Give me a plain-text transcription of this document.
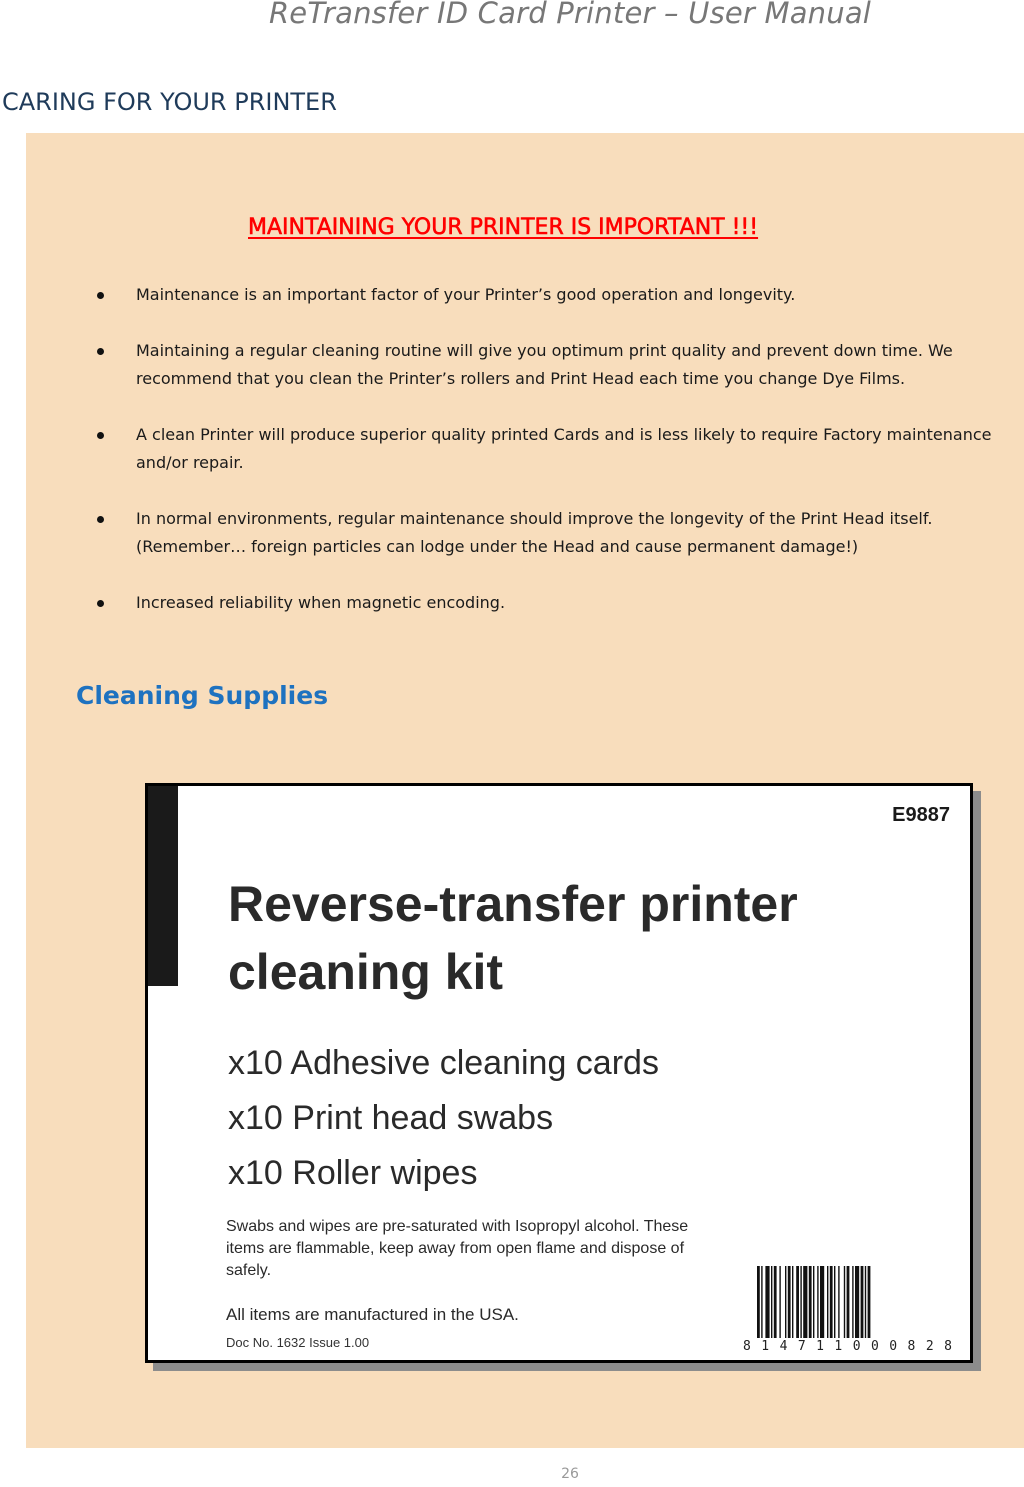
ReTransfer ID Card Printer – User Manual
CARING FOR YOUR PRINTER
MAINTAINING YOUR PRINTER IS IMPORTANT !!!
Maintenance is an important factor of your Printer’s good operation and longevity.
Maintaining a regular cleaning routine will give you optimum print quality and prevent down time. We recommend that you clean the Printer’s rollers and Print Head each time you change Dye Films.
A clean Printer will produce superior quality printed Cards and is less likely to require Factory maintenance and/or repair.
In normal environments, regular maintenance should improve the longevity of the Print Head itself. (Remember… foreign particles can lodge under the Head and cause permanent damage!)
Increased reliability when magnetic encoding.
Cleaning Supplies
E9887
Reverse-transfer printer cleaning kit
x10 Adhesive cleaning cards
x10 Print head swabs
x10 Roller wipes
Swabs and wipes are pre-saturated with Isopropyl alcohol. These items are flammable, keep away from open flame and dispose of safely.
All items are manufactured in the USA.
Doc No. 1632 Issue 1.00	8 1 4 7 1 1 0 0 0 8 2 8
26
